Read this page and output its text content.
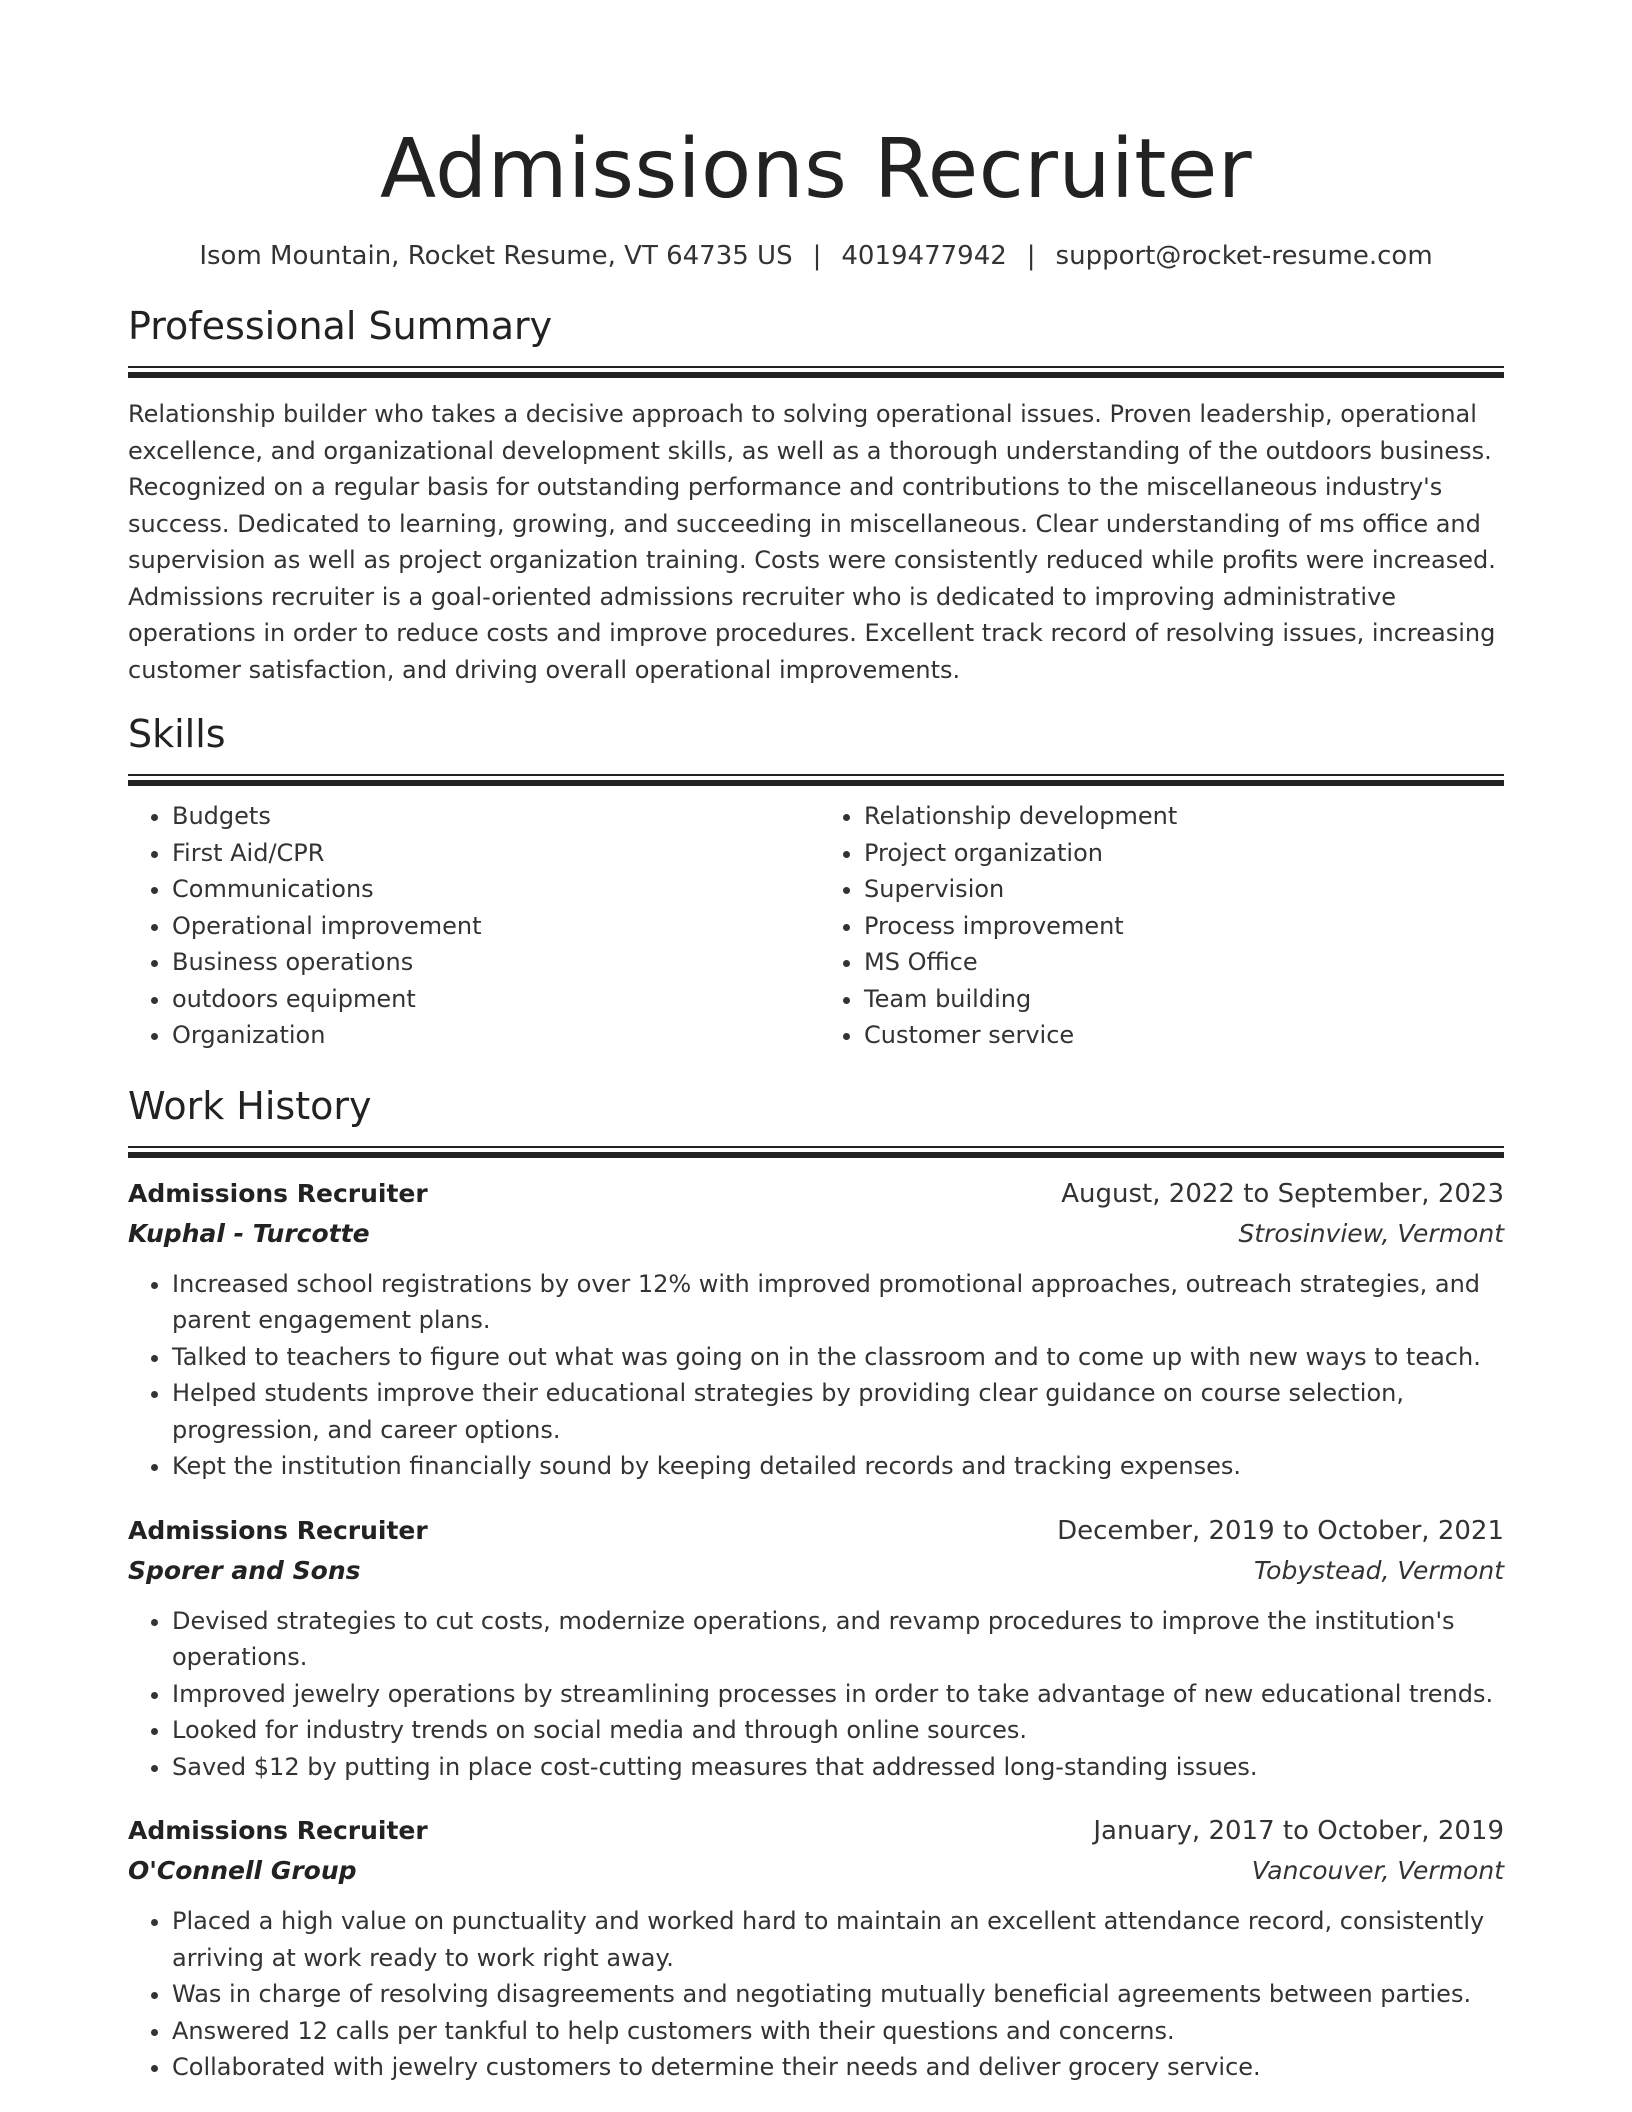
Admissions Recruiter
Isom Mountain, Rocket Resume, VT 64735 US | 4019477942 | support@rocket-resume.com
Professional Summary

Relationship builder who takes a decisive approach to solving operational issues. Proven leadership, operational excellence, and organizational development skills, as well as a thorough understanding of the outdoors business. Recognized on a regular basis for outstanding performance and contributions to the miscellaneous industry's success. Dedicated to learning, growing, and succeeding in miscellaneous. Clear understanding of ms office and supervision as well as project organization training. Costs were consistently reduced while profits were increased. Admissions recruiter is a goal-oriented admissions recruiter who is dedicated to improving administrative operations in order to reduce costs and improve procedures. Excellent track record of resolving issues, increasing customer satisfaction, and driving overall operational improvements.

Skills
• Budgets
• First Aid/CPR
• Communications
• Operational improvement
• Business operations
• outdoors equipment
• Organization
• Relationship development
• Project organization
• Supervision
• Process improvement
• MS Office
• Team building
• Customer service
Work History
Admissions Recruiter	August, 2022 to September, 2023
Kuphal - Turcotte	Strosinview, Vermont
• Increased school registrations by over 12% with improved promotional approaches, outreach strategies, and parent engagement plans.
• Talked to teachers to figure out what was going on in the classroom and to come up with new ways to teach.
• Helped students improve their educational strategies by providing clear guidance on course selection, progression, and career options.
• Kept the institution financially sound by keeping detailed records and tracking expenses.
Admissions Recruiter	December, 2019 to October, 2021
Sporer and Sons	Tobystead, Vermont
• Devised strategies to cut costs, modernize operations, and revamp procedures to improve the institution's operations.
• Improved jewelry operations by streamlining processes in order to take advantage of new educational trends.
• Looked for industry trends on social media and through online sources.
• Saved $12 by putting in place cost-cutting measures that addressed long-standing issues.
Admissions Recruiter	January, 2017 to October, 2019
O'Connell Group	Vancouver, Vermont
• Placed a high value on punctuality and worked hard to maintain an excellent attendance record, consistently arriving at work ready to work right away.
• Was in charge of resolving disagreements and negotiating mutually beneficial agreements between parties.
• Answered 12 calls per tankful to help customers with their questions and concerns.
• Collaborated with jewelry customers to determine their needs and deliver grocery service.
